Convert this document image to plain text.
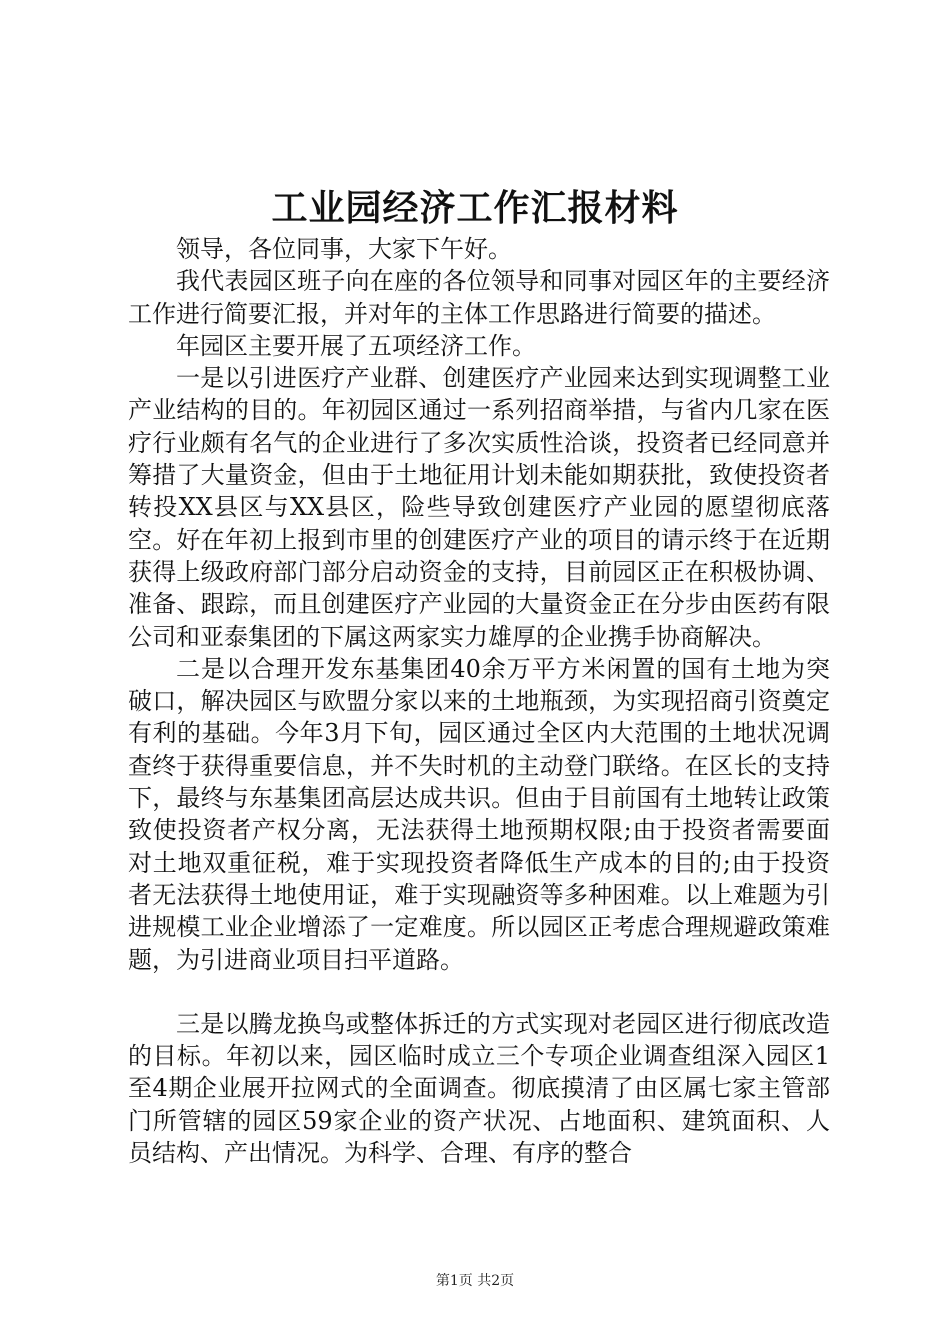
工业园经济工作汇报材料

领导，各位同事，大家下午好。

我代表园区班子向在座的各位领导和同事对园区年的主要经济工作进行简要汇报，并对年的主体工作思路进行简要的描述。

年园区主要开展了五项经济工作。

一是以引进医疗产业群、创建医疗产业园来达到实现调整工业产业结构的目的。年初园区通过一系列招商举措，与省内几家在医疗行业颇有名气的企业进行了多次实质性洽谈，投资者已经同意并筹措了大量资金，但由于土地征用计划未能如期获批，致使投资者转投XX县区与XX县区，险些导致创建医疗产业园的愿望彻底落空。好在年初上报到市里的创建医疗产业的项目的请示终于在近期获得上级政府部门部分启动资金的支持，目前园区正在积极协调、准备、跟踪，而且创建医疗产业园的大量资金正在分步由医药有限公司和亚泰集团的下属这两家实力雄厚的企业携手协商解决。

二是以合理开发东基集团40余万平方米闲置的国有土地为突破口，解决园区与欧盟分家以来的土地瓶颈，为实现招商引资奠定有利的基础。今年3月下旬，园区通过全区内大范围的土地状况调查终于获得重要信息，并不失时机的主动登门联络。在区长的支持下，最终与东基集团高层达成共识。但由于目前国有土地转让政策致使投资者产权分离，无法获得土地预期权限;由于投资者需要面对土地双重征税，难于实现投资者降低生产成本的目的;由于投资者无法获得土地使用证，难于实现融资等多种困难。以上难题为引进规模工业企业增添了一定难度。所以园区正考虑合理规避政策难题，为引进商业项目扫平道路。

三是以腾龙换鸟或整体拆迁的方式实现对老园区进行彻底改造的目标。年初以来，园区临时成立三个专项企业调查组深入园区1至4期企业展开拉网式的全面调查。彻底摸清了由区属七家主管部门所管辖的园区59家企业的资产状况、占地面积、建筑面积、人员结构、产出情况。为科学、合理、有序的整合

第1页 共2页
